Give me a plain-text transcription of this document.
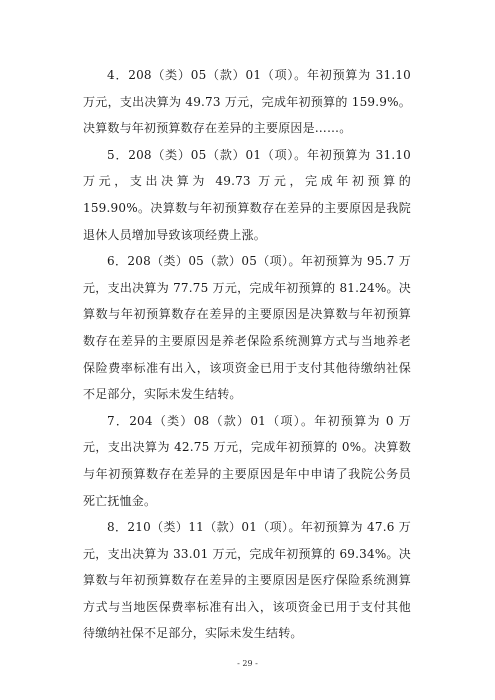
4．208（类）05（款）01（项）。年初预算为 31.10 万元，支出决算为 49.73 万元，完成年初预算的 159.9%。决算数与年初预算数存在差异的主要原因是……。

5．208（类）05（款）01（项）。年初预算为 31.10 万元，支出决算为 49.73 万元，完成年初预算的 159.90%。决算数与年初预算数存在差异的主要原因是我院退休人员增加导致该项经费上涨。

6．208（类）05（款）05（项）。年初预算为 95.7 万元，支出决算为 77.75 万元，完成年初预算的 81.24%。决算数与年初预算数存在差异的主要原因是决算数与年初预算数存在差异的主要原因是养老保险系统测算方式与当地养老保险费率标准有出入，该项资金已用于支付其他待缴纳社保不足部分，实际未发生结转。

7．204（类）08（款）01（项）。年初预算为 0 万元，支出决算为 42.75 万元，完成年初预算的 0%。决算数与年初预算数存在差异的主要原因是年中申请了我院公务员死亡抚恤金。

8．210（类）11（款）01（项）。年初预算为 47.6 万元，支出决算为 33.01 万元，完成年初预算的 69.34%。决算数与年初预算数存在差异的主要原因是医疗保险系统测算方式与当地医保费率标准有出入，该项资金已用于支付其他待缴纳社保不足部分，实际未发生结转。

- 29 -
